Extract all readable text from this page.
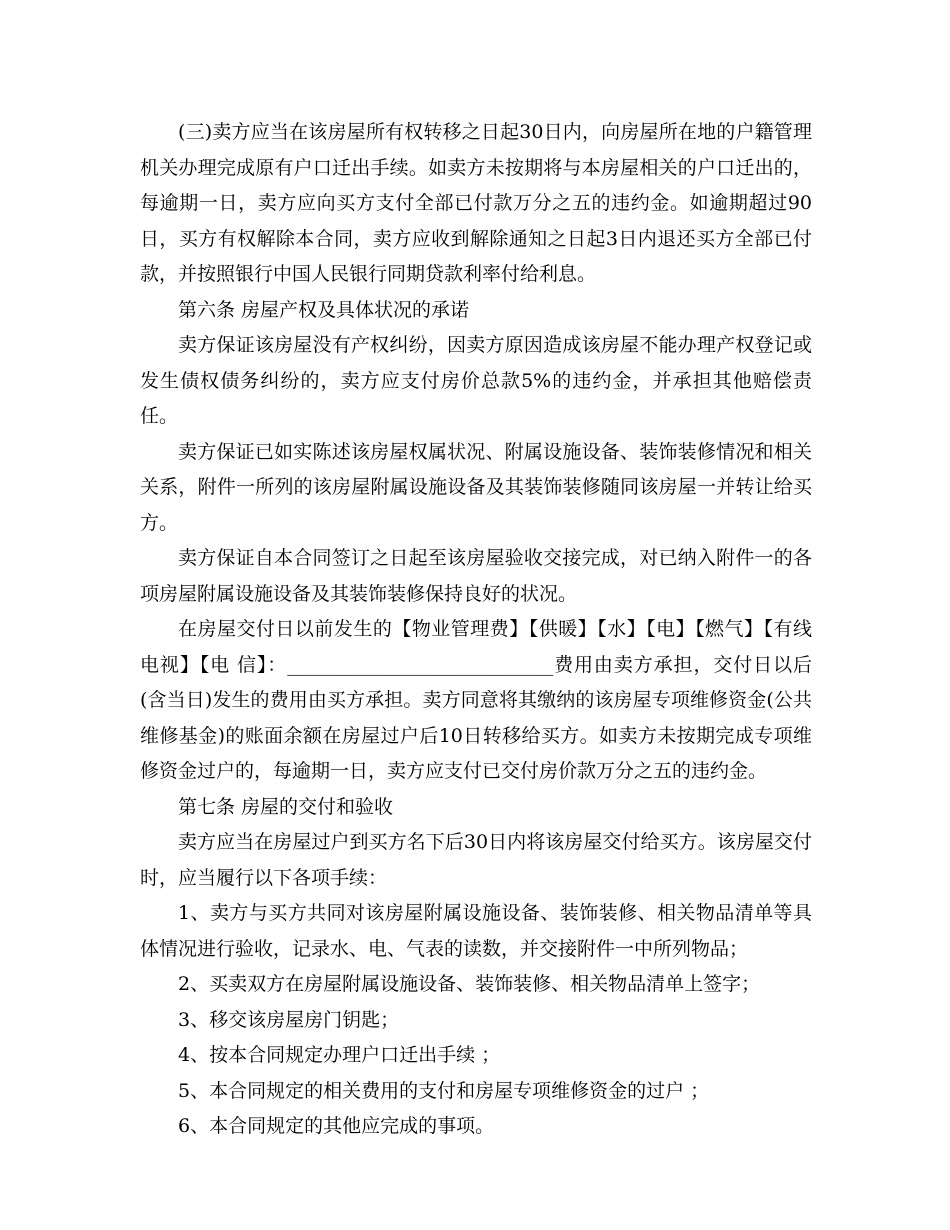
(三)卖方应当在该房屋所有权转移之日起30日内，向房屋所在地的户籍管理机关办理完成原有户口迁出手续。如卖方未按期将与本房屋相关的户口迁出的，每逾期一日，卖方应向买方支付全部已付款万分之五的违约金。如逾期超过90日，买方有权解除本合同，卖方应收到解除通知之日起3日内退还买方全部已付款，并按照银行中国人民银行同期贷款利率付给利息。

第六条 房屋产权及具体状况的承诺

卖方保证该房屋没有产权纠纷，因卖方原因造成该房屋不能办理产权登记或发生债权债务纠纷的，卖方应支付房价总款5%的违约金，并承担其他赔偿责任。

卖方保证已如实陈述该房屋权属状况、附属设施设备、装饰装修情况和相关关系，附件一所列的该房屋附属设施设备及其装饰装修随同该房屋一并转让给买方。

卖方保证自本合同签订之日起至该房屋验收交接完成，对已纳入附件一的各项房屋附属设施设备及其装饰装修保持良好的状况。

在房屋交付日以前发生的【物业管理费】【供暖】【水】【电】【燃气】【有线电视】【电 信】：____________________________费用由卖方承担，交付日以后(含当日)发生的费用由买方承担。卖方同意将其缴纳的该房屋专项维修资金(公共维修基金)的账面余额在房屋过户后10日转移给买方。如卖方未按期完成专项维修资金过户的，每逾期一日，卖方应支付已交付房价款万分之五的违约金。

第七条 房屋的交付和验收

卖方应当在房屋过户到买方名下后30日内将该房屋交付给买方。该房屋交付时，应当履行以下各项手续：

1、卖方与买方共同对该房屋附属设施设备、装饰装修、相关物品清单等具体情况进行验收，记录水、电、气表的读数，并交接附件一中所列物品；

2、买卖双方在房屋附属设施设备、装饰装修、相关物品清单上签字；

3、移交该房屋房门钥匙；

4、按本合同规定办理户口迁出手续 ；

5、本合同规定的相关费用的支付和房屋专项维修资金的过户 ；

6、本合同规定的其他应完成的事项。
